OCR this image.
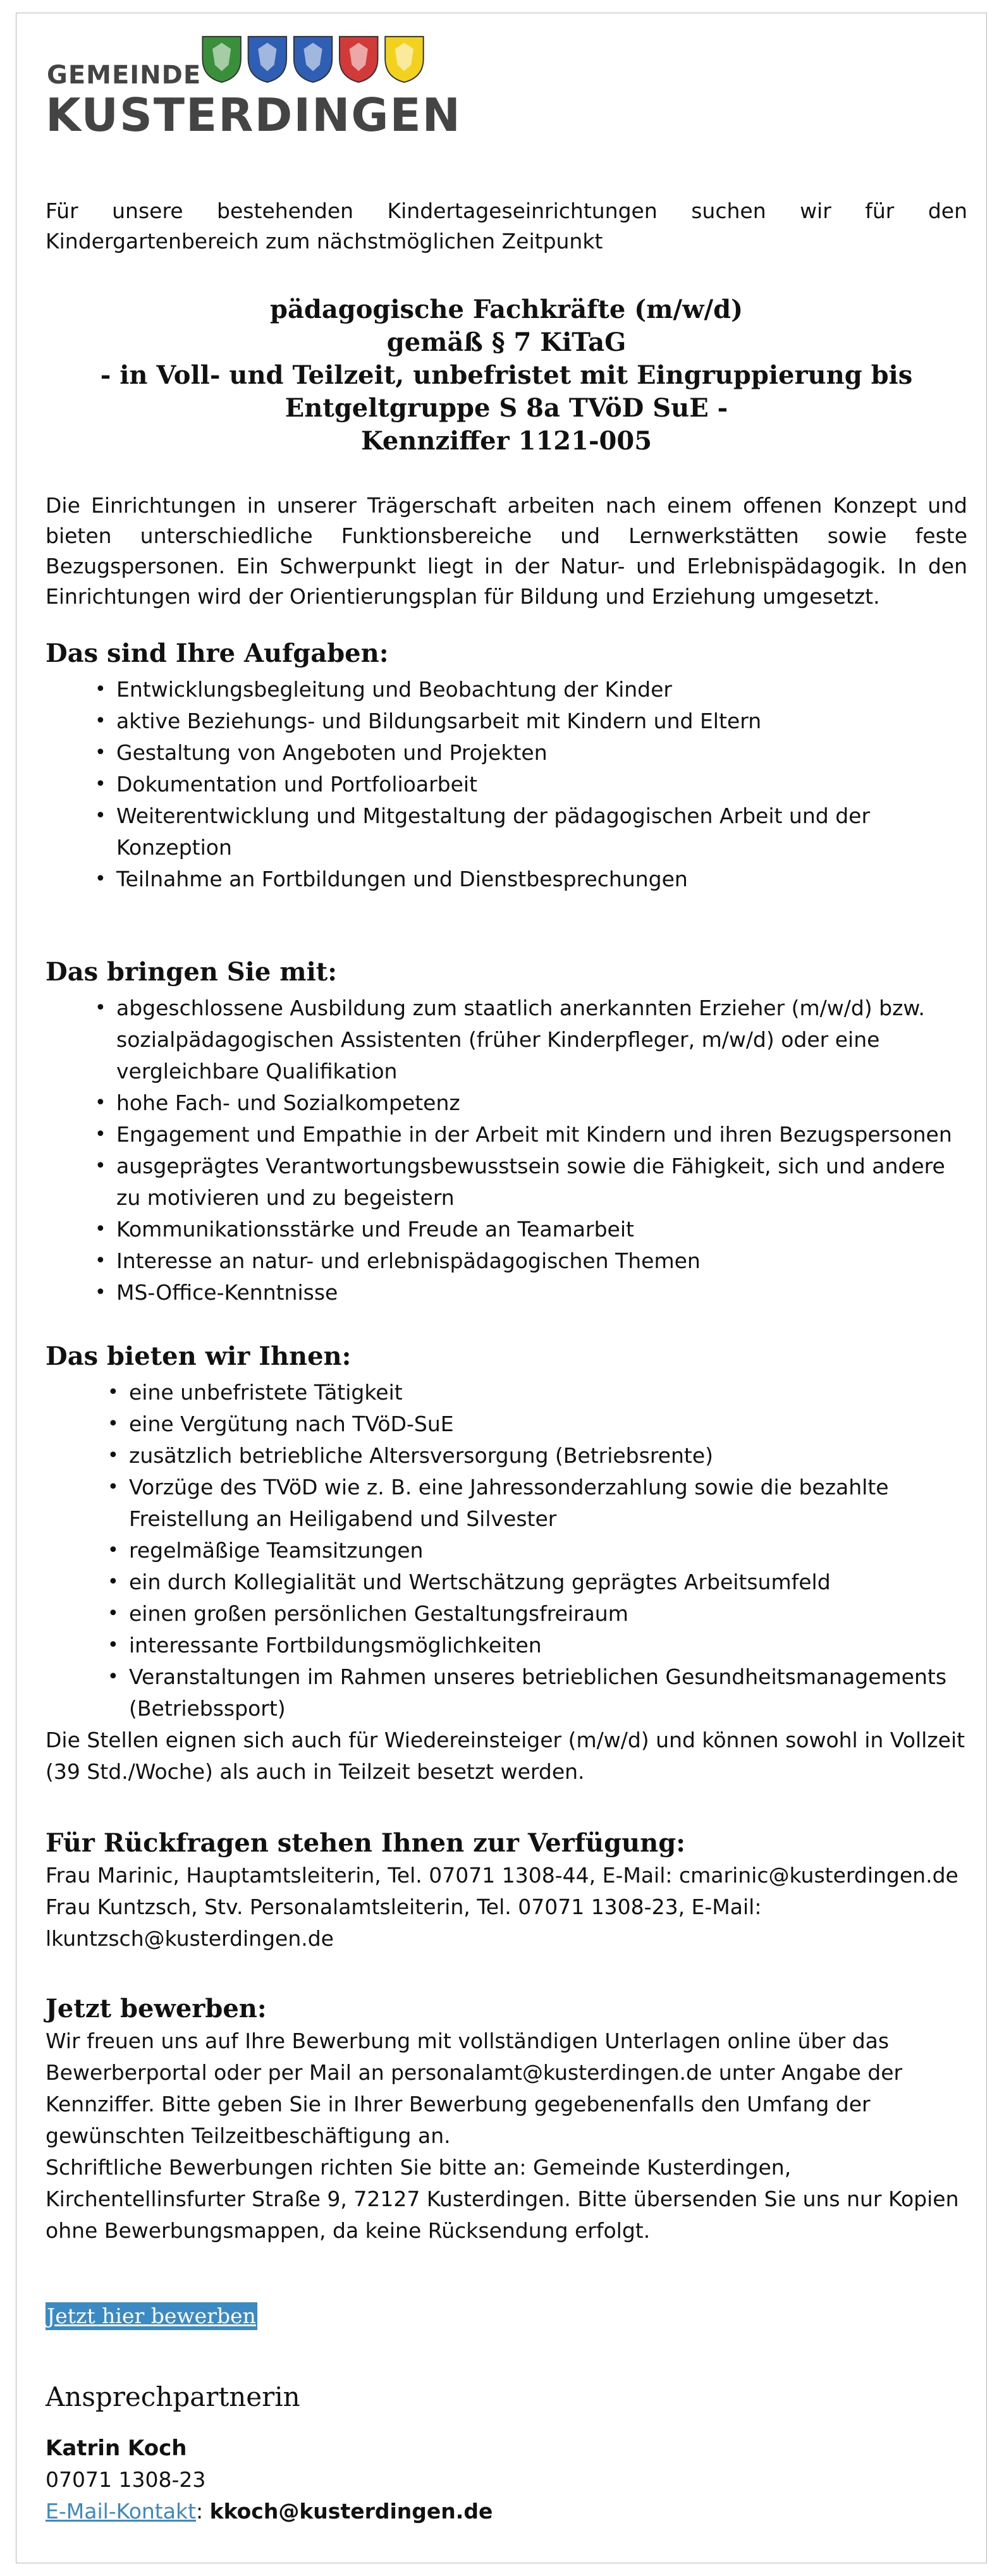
GEMEINDE
KUSTERDINGEN

Für unsere bestehenden Kindertageseinrichtungen suchen wir für den Kindergartenbereich zum nächstmöglichen Zeitpunkt

pädagogische Fachkräfte (m/w/d)
gemäß § 7 KiTaG
- in Voll- und Teilzeit, unbefristet mit Eingruppierung bis
Entgeltgruppe S 8a TVöD SuE -
Kennziffer 1121-005

Die Einrichtungen in unserer Trägerschaft arbeiten nach einem offenen Konzept und bieten unterschiedliche Funktionsbereiche und Lernwerkstätten sowie feste Bezugspersonen. Ein Schwerpunkt liegt in der Natur- und Erlebnispädagogik. In den Einrichtungen wird der Orientierungsplan für Bildung und Erziehung umgesetzt.

Das sind Ihre Aufgaben:
• Entwicklungsbegleitung und Beobachtung der Kinder
• aktive Beziehungs- und Bildungsarbeit mit Kindern und Eltern
• Gestaltung von Angeboten und Projekten
• Dokumentation und Portfolioarbeit
• Weiterentwicklung und Mitgestaltung der pädagogischen Arbeit und der Konzeption
• Teilnahme an Fortbildungen und Dienstbesprechungen
Das bringen Sie mit:
• abgeschlossene Ausbildung zum staatlich anerkannten Erzieher (m/w/d) bzw. sozialpädagogischen Assistenten (früher Kinderpfleger, m/w/d) oder eine vergleichbare Qualifikation
• hohe Fach- und Sozialkompetenz
• Engagement und Empathie in der Arbeit mit Kindern und ihren Bezugspersonen
• ausgeprägtes Verantwortungsbewusstsein sowie die Fähigkeit, sich und andere zu motivieren und zu begeistern
• Kommunikationsstärke und Freude an Teamarbeit
• Interesse an natur- und erlebnispädagogischen Themen
• MS-Office-Kenntnisse
Das bieten wir Ihnen:
• eine unbefristete Tätigkeit
• eine Vergütung nach TVöD-SuE
• zusätzlich betriebliche Altersversorgung (Betriebsrente)
• Vorzüge des TVöD wie z. B. eine Jahressonderzahlung sowie die bezahlte Freistellung an Heiligabend und Silvester
• regelmäßige Teamsitzungen
• ein durch Kollegialität und Wertschätzung geprägtes Arbeitsumfeld
• einen großen persönlichen Gestaltungsfreiraum
• interessante Fortbildungsmöglichkeiten
• Veranstaltungen im Rahmen unseres betrieblichen Gesundheitsmanagements (Betriebssport)
Die Stellen eignen sich auch für Wiedereinsteiger (m/w/d) und können sowohl in Vollzeit (39 Std./Woche) als auch in Teilzeit besetzt werden.
Für Rückfragen stehen Ihnen zur Verfügung:
Frau Marinic, Hauptamtsleiterin, Tel. 07071 1308-44, E-Mail: cmarinic@kusterdingen.de
Frau Kuntzsch, Stv. Personalamtsleiterin, Tel. 07071 1308-23, E-Mail: lkuntzsch@kusterdingen.de
Jetzt bewerben:
Wir freuen uns auf Ihre Bewerbung mit vollständigen Unterlagen online über das Bewerberportal oder per Mail an personalamt@kusterdingen.de unter Angabe der Kennziffer. Bitte geben Sie in Ihrer Bewerbung gegebenenfalls den Umfang der gewünschten Teilzeitbeschäftigung an.
Schriftliche Bewerbungen richten Sie bitte an: Gemeinde Kusterdingen, Kirchentellinsfurter Straße 9, 72127 Kusterdingen. Bitte übersenden Sie uns nur Kopien ohne Bewerbungsmappen, da keine Rücksendung erfolgt.
Jetzt hier bewerben
Ansprechpartnerin
Katrin Koch
07071 1308-23
E-Mail-Kontakt: kkoch@kusterdingen.de
